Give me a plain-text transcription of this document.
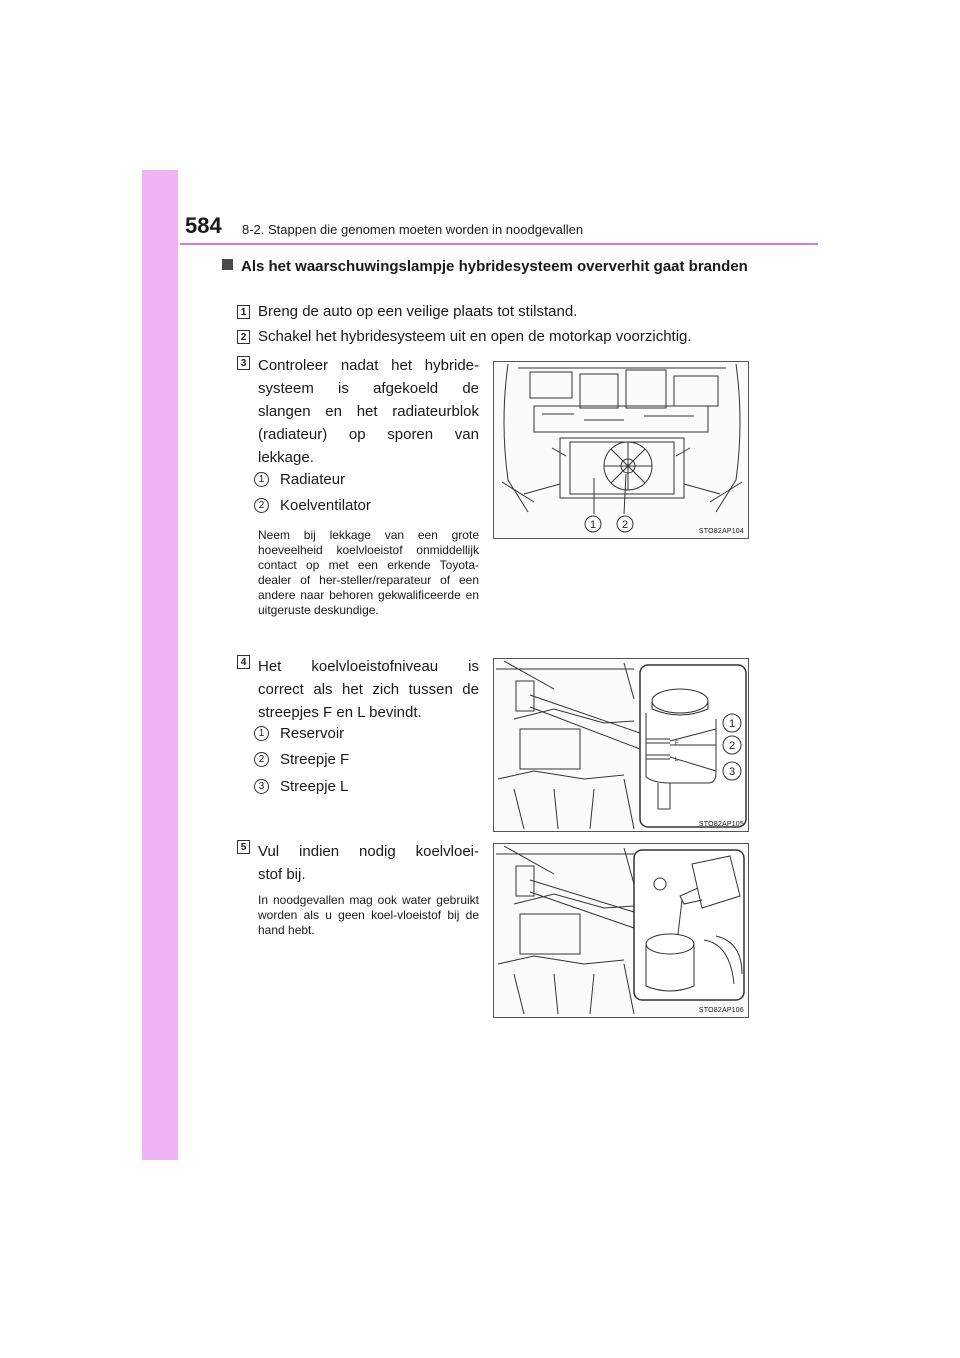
584 8-2. Stappen die genomen moeten worden in noodgevallen
Als het waarschuwingslampje hybridesysteem oververhit gaat branden
1 Breng de auto op een veilige plaats tot stilstand.
2 Schakel het hybridesysteem uit en open de motorkap voorzichtig.
3 Controleer nadat het hybride-
systeem is afgekoeld de
slangen en het radiateurblok
(radiateur) op sporen van
lekkage.
1	Radiateur
2	Koelventilator
Neem bij lekkage van een grote hoeveelheid koelvloeistof onmiddellijk contact op met een erkende Toyota-dealer of her-steller/reparateur of een andere naar behoren gekwalificeerde en uitgeruste deskundige.
1 2
STO82AP104
4 Het koelvloeistofniveau is
correct als het zich tussen de
streepjes F en L bevindt.
1	Reservoir
2	Streepje F
3	Streepje L
F
L
1
2
3
STO82AP105
5 Vul indien nodig koelvloei-
stof bij.
In noodgevallen mag ook water gebruikt worden als u geen koel-vloeistof bij de hand hebt.
STO82AP106
